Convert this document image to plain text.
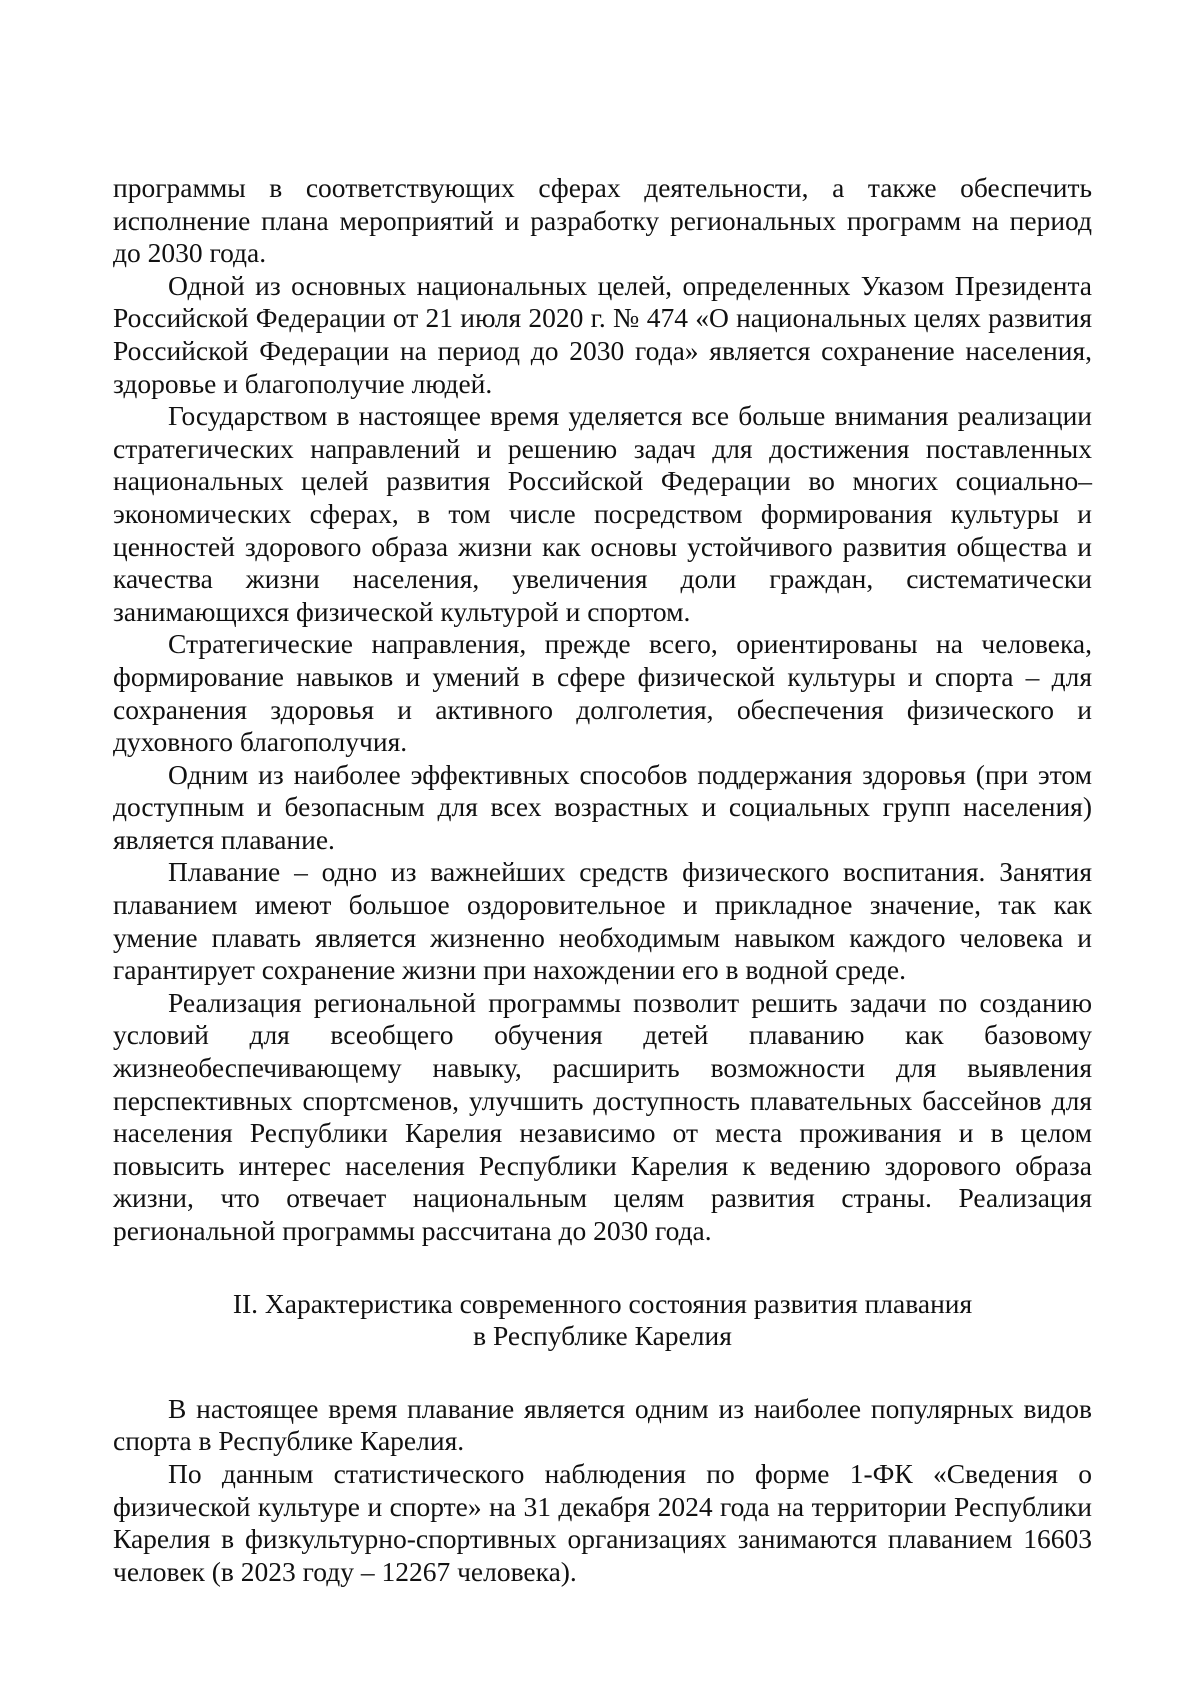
программы в соответствующих сферах деятельности, а также обеспечить исполнение плана мероприятий и разработку региональных программ на период до 2030 года.

Одной из основных национальных целей, определенных Указом Президента Российской Федерации от 21 июля 2020 г. № 474 «О национальных целях развития Российской Федерации на период до 2030 года» является сохранение населения, здоровье и благополучие людей.

Государством в настоящее время уделяется все больше внимания реализации стратегических направлений и решению задач для достижения поставленных национальных целей развития Российской Федерации во многих социально–экономических сферах, в том числе посредством формирования культуры и ценностей здорового образа жизни как основы устойчивого развития общества и качества жизни населения, увеличения доли граждан, систематически занимающихся физической культурой и спортом.

Стратегические направления, прежде всего, ориентированы на человека, формирование навыков и умений в сфере физической культуры и спорта – для сохранения здоровья и активного долголетия, обеспечения физического и духовного благополучия.

Одним из наиболее эффективных способов поддержания здоровья (при этом доступным и безопасным для всех возрастных и социальных групп населения) является плавание.

Плавание – одно из важнейших средств физического воспитания. Занятия плаванием имеют большое оздоровительное и прикладное значение, так как умение плавать является жизненно необходимым навыком каждого человека и гарантирует сохранение жизни при нахождении его в водной среде.

Реализация региональной программы позволит решить задачи по созданию условий для всеобщего обучения детей плаванию как базовому жизнеобеспечивающему навыку, расширить возможности для выявления перспективных спортсменов, улучшить доступность плавательных бассейнов для населения Республики Карелия независимо от места проживания и в целом повысить интерес населения Республики Карелия к ведению здорового образа жизни, что отвечает национальным целям развития страны. Реализация региональной программы рассчитана до 2030 года.

II. Характеристика современного состояния развития плавания
в Республике Карелия

В настоящее время плавание является одним из наиболее популярных видов спорта в Республике Карелия.

По данным статистического наблюдения по форме 1-ФК «Сведения о физической культуре и спорте» на 31 декабря 2024 года на территории Республики Карелия в физкультурно-спортивных организациях занимаются плаванием 16603 человек (в 2023 году – 12267 человека).
